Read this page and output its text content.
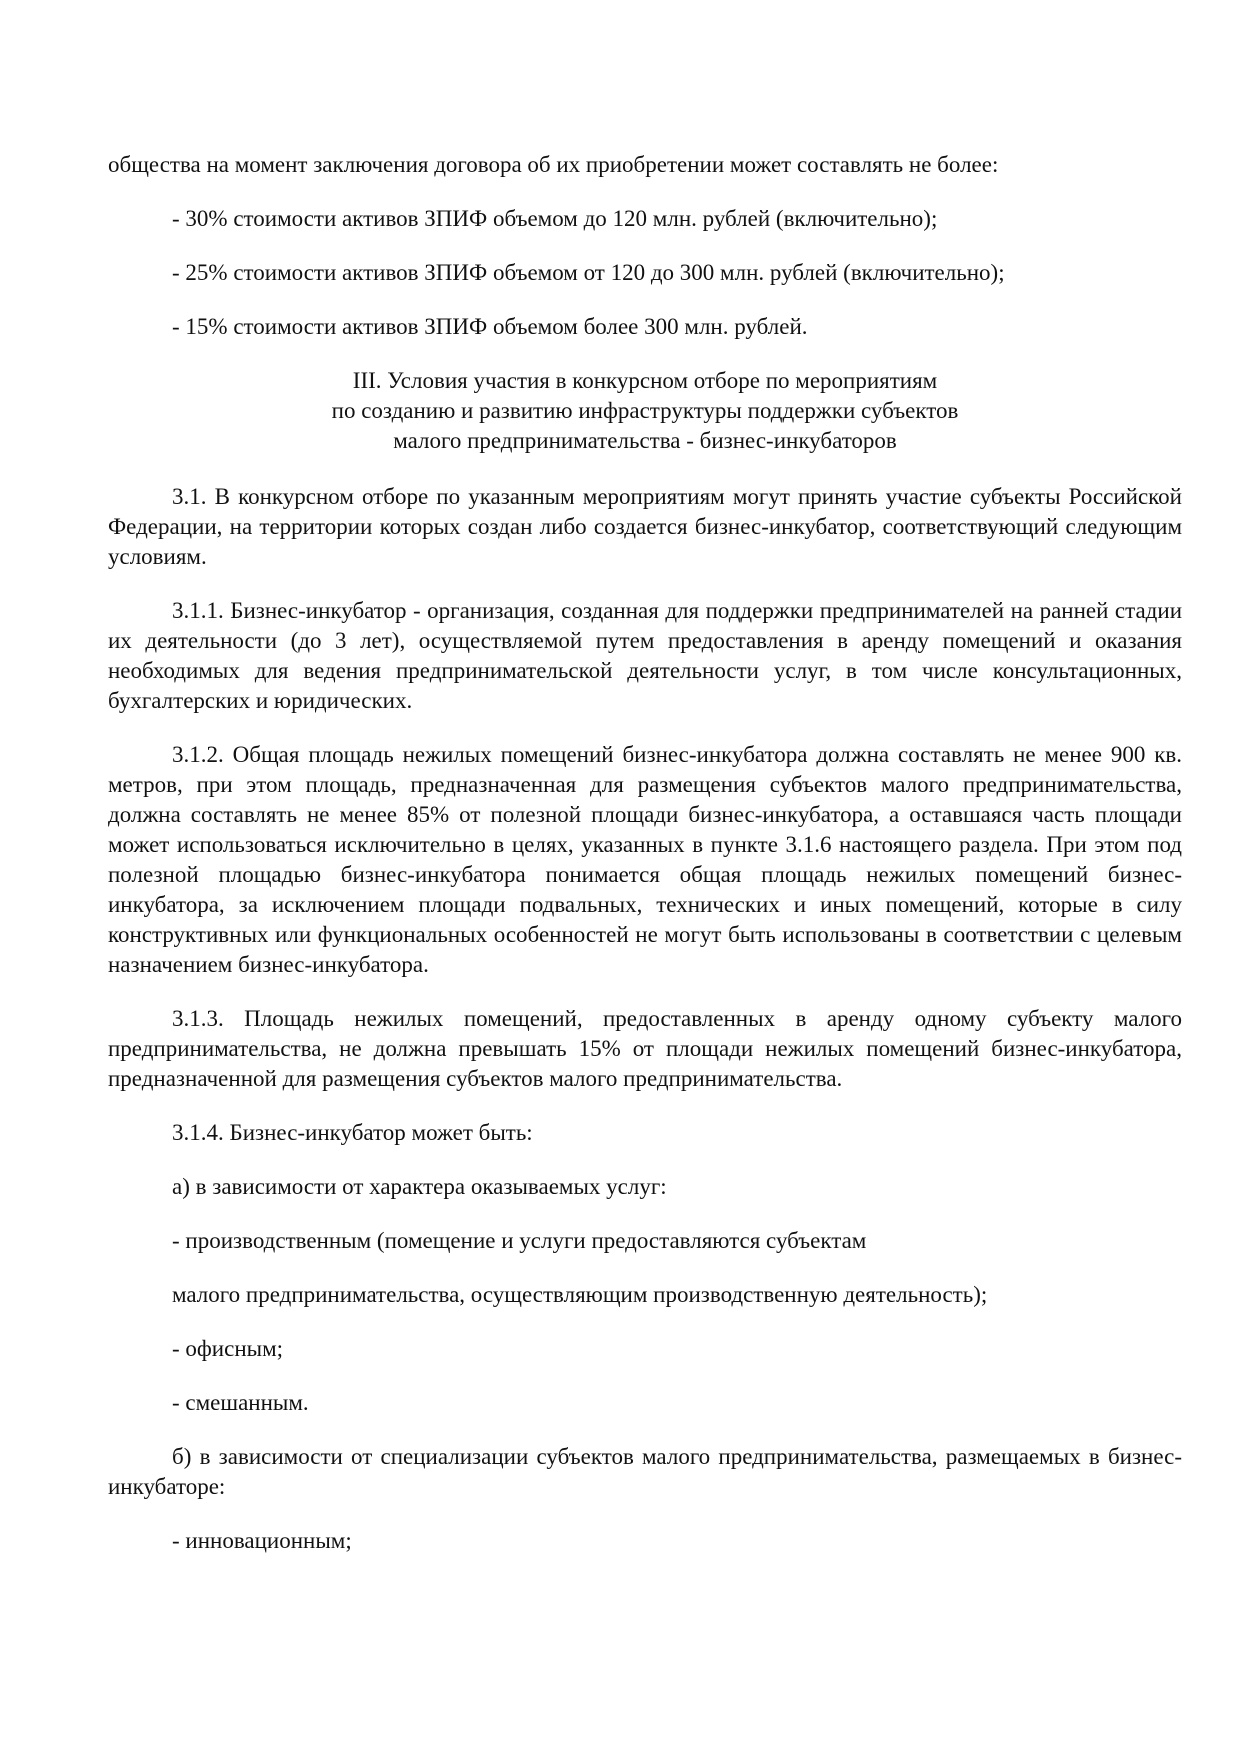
общества на момент заключения договора об их приобретении может составлять не более:

- 30% стоимости активов ЗПИФ объемом до 120 млн. рублей (включительно);

- 25% стоимости активов ЗПИФ объемом от 120 до 300 млн. рублей (включительно);

- 15% стоимости активов ЗПИФ объемом более 300 млн. рублей.

III. Условия участия в конкурсном отборе по мероприятиям
по созданию и развитию инфраструктуры поддержки субъектов
малого предпринимательства - бизнес-инкубаторов

3.1. В конкурсном отборе по указанным мероприятиям могут принять участие субъекты Российской Федерации, на территории которых создан либо создается бизнес-инкубатор, соответствующий следующим условиям.

3.1.1. Бизнес-инкубатор - организация, созданная для поддержки предпринимателей на ранней стадии их деятельности (до 3 лет), осуществляемой путем предоставления в аренду помещений и оказания необходимых для ведения предпринимательской деятельности услуг, в том числе консультационных, бухгалтерских и юридических.

3.1.2. Общая площадь нежилых помещений бизнес-инкубатора должна составлять не менее 900 кв. метров, при этом площадь, предназначенная для размещения субъектов малого предпринимательства, должна составлять не менее 85% от полезной площади бизнес-инкубатора, а оставшаяся часть площади может использоваться исключительно в целях, указанных в пункте 3.1.6 настоящего раздела. При этом под полезной площадью бизнес-инкубатора понимается общая площадь нежилых помещений бизнес-инкубатора, за исключением площади подвальных, технических и иных помещений, которые в силу конструктивных или функциональных особенностей не могут быть использованы в соответствии с целевым назначением бизнес-инкубатора.

3.1.3. Площадь нежилых помещений, предоставленных в аренду одному субъекту малого предпринимательства, не должна превышать 15% от площади нежилых помещений бизнес-инкубатора, предназначенной для размещения субъектов малого предпринимательства.

3.1.4. Бизнес-инкубатор может быть:

а) в зависимости от характера оказываемых услуг:

- производственным (помещение и услуги предоставляются субъектам

малого предпринимательства, осуществляющим производственную деятельность);

- офисным;

- смешанным.

б) в зависимости от специализации субъектов малого предпринимательства, размещаемых в бизнес-инкубаторе:

- инновационным;
